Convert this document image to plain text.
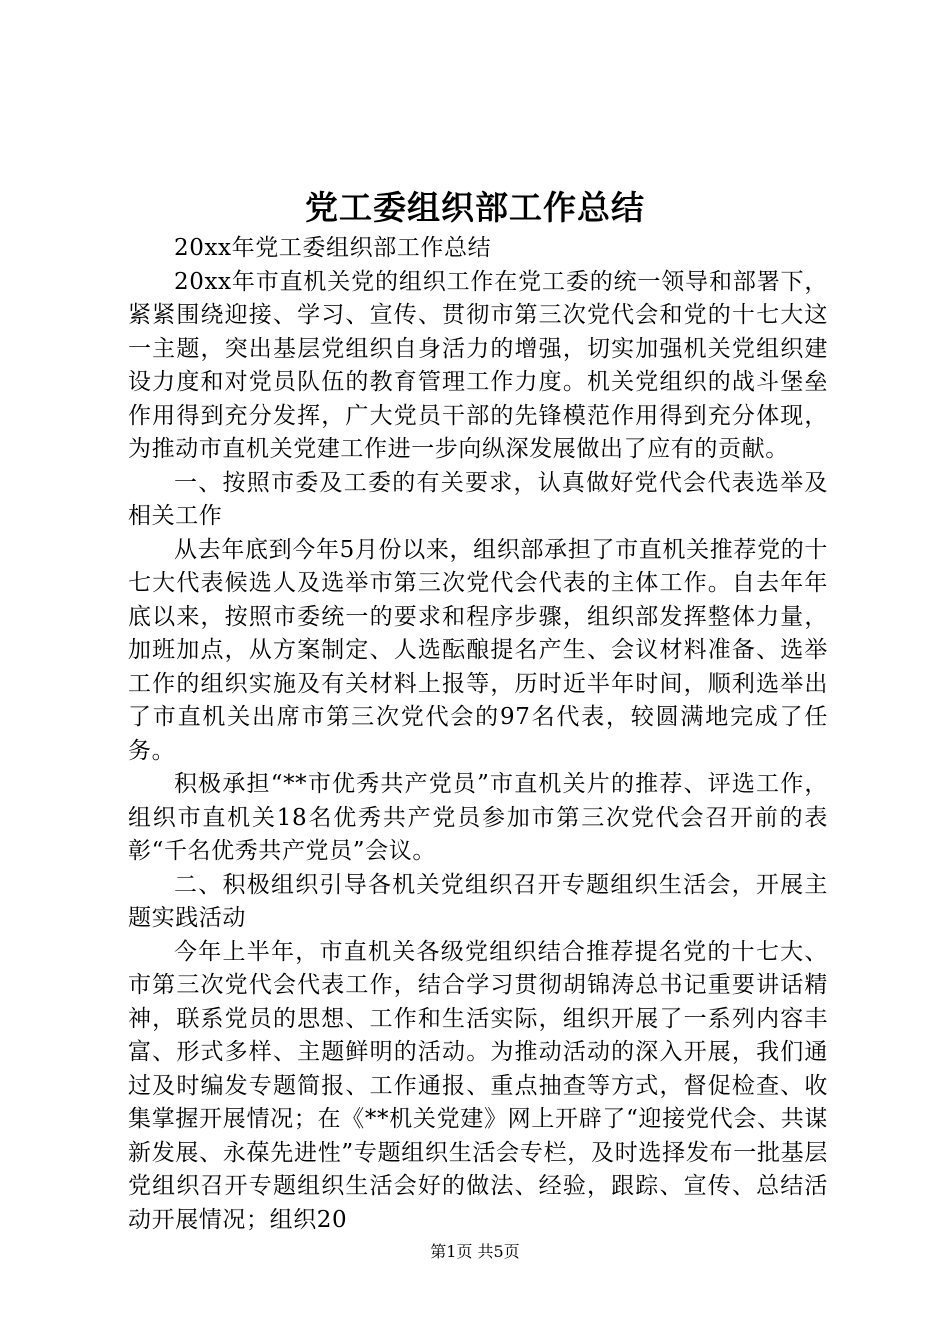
党工委组织部工作总结

20xx年党工委组织部工作总结

20xx年市直机关党的组织工作在党工委的统一领导和部署下，紧紧围绕迎接、学习、宣传、贯彻市第三次党代会和党的十七大这一主题，突出基层党组织自身活力的增强，切实加强机关党组织建设力度和对党员队伍的教育管理工作力度。机关党组织的战斗堡垒作用得到充分发挥，广大党员干部的先锋模范作用得到充分体现，为推动市直机关党建工作进一步向纵深发展做出了应有的贡献。

一、按照市委及工委的有关要求，认真做好党代会代表选举及相关工作

从去年底到今年5月份以来，组织部承担了市直机关推荐党的十七大代表候选人及选举市第三次党代会代表的主体工作。自去年年底以来，按照市委统一的要求和程序步骤，组织部发挥整体力量，加班加点，从方案制定、人选酝酿提名产生、会议材料准备、选举工作的组织实施及有关材料上报等，历时近半年时间，顺利选举出了市直机关出席市第三次党代会的97名代表，较圆满地完成了任务。

积极承担“**市优秀共产党员”市直机关片的推荐、评选工作，组织市直机关18名优秀共产党员参加市第三次党代会召开前的表彰“千名优秀共产党员”会议。

二、积极组织引导各机关党组织召开专题组织生活会，开展主题实践活动

今年上半年，市直机关各级党组织结合推荐提名党的十七大、市第三次党代会代表工作，结合学习贯彻胡锦涛总书记重要讲话精神，联系党员的思想、工作和生活实际，组织开展了一系列内容丰富、形式多样、主题鲜明的活动。为推动活动的深入开展，我们通过及时编发专题简报、工作通报、重点抽查等方式，督促检查、收集掌握开展情况；在《**机关党建》网上开辟了“迎接党代会、共谋新发展、永葆先进性”专题组织生活会专栏，及时选择发布一批基层党组织召开专题组织生活会好的做法、经验，跟踪、宣传、总结活动开展情况；组织20

第1页 共5页
